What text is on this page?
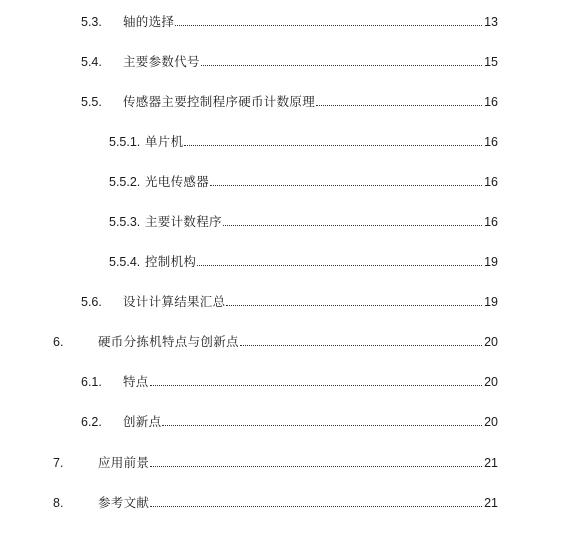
5.3.	轴的选择	13
5.4.	主要参数代号	15
5.5.	传感器主要控制程序硬币计数原理	16
5.5.1. 单片机	16
5.5.2. 光电传感器	16
5.5.3. 主要计数程序	16
5.5.4. 控制机构	19
5.6.	设计计算结果汇总	19
6.	硬币分拣机特点与创新点	20
6.1.	特点	20
6.2.	创新点	20
7.	应用前景	21
8.	参考文献	21
